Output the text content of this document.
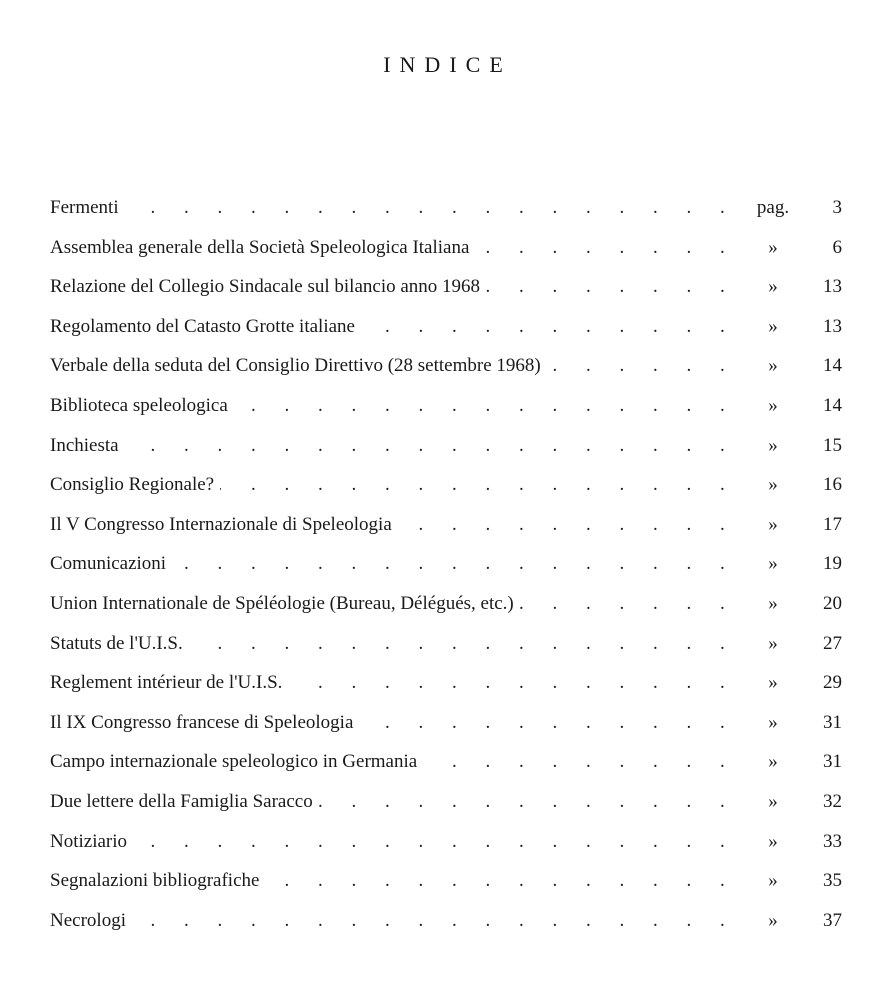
INDICE
Fermenti . . .	pag.	3
Assemblea generale della Società Speleologica Italiana . . .	»	6
Relazione del Collegio Sindacale sul bilancio anno 1968 . . .	»	13
Regolamento del Catasto Grotte italiane . . .	»	13
Verbale della seduta del Consiglio Direttivo (28 settembre 1968) . . .	»	14
Biblioteca speleologica . . .	»	14
Inchiesta . . .	»	15
Consiglio Regionale? . . .	»	16
Il V Congresso Internazionale di Speleologia . . .	»	17
Comunicazioni . . .	»	19
Union Internationale de Spéléologie (Bureau, Délégués, etc.) . . .	»	20
Statuts de l'U.I.S. . . .	»	27
Reglement intérieur de l'U.I.S. . . .	»	29
Il IX Congresso francese di Speleologia . . .	»	31
Campo internazionale speleologico in Germania . . .	»	31
Due lettere della Famiglia Saracco . . .	»	32
Notiziario . . .	»	33
Segnalazioni bibliografiche . . .	»	35
Necrologi . . .	»	37
